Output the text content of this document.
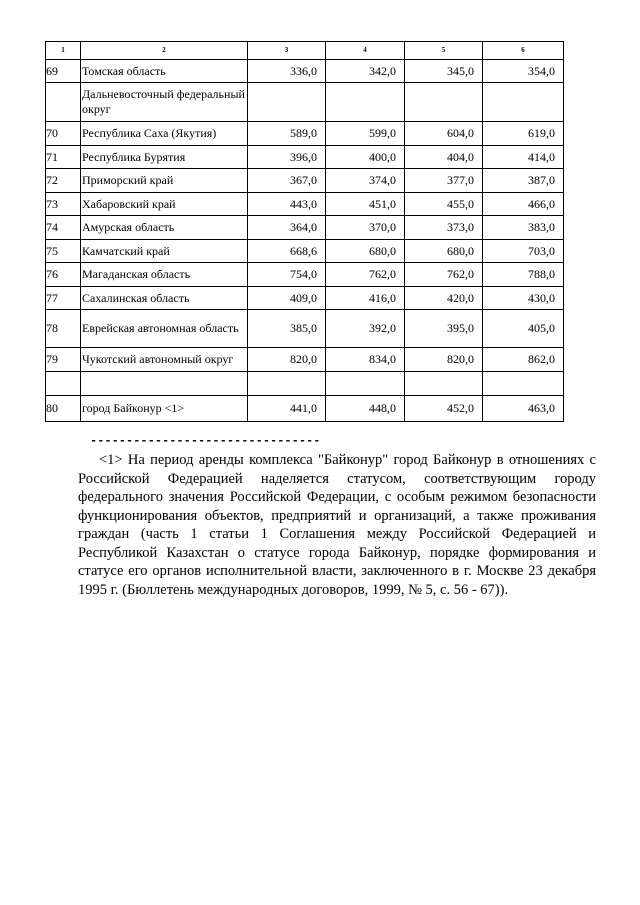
1	2	3	4	5	6
69	Томская область	336,0	342,0	345,0	354,0
	Дальневосточный федеральный округ				
70	Республика Саха (Якутия)	589,0	599,0	604,0	619,0
71	Республика Бурятия	396,0	400,0	404,0	414,0
72	Приморский край	367,0	374,0	377,0	387,0
73	Хабаровский край	443,0	451,0	455,0	466,0
74	Амурская область	364,0	370,0	373,0	383,0
75	Камчатский край	668,6	680,0	680,0	703,0
76	Магаданская область	754,0	762,0	762,0	788,0
77	Сахалинская область	409,0	416,0	420,0	430,0
78	Еврейская автономная область	385,0	392,0	395,0	405,0
79	Чукотский автономный округ	820,0	834,0	820,0	862,0

80	город Байконур <1>	441,0	448,0	452,0	463,0
--------------------------------

<1> На период аренды комплекса "Байконур" город Байконур в отношениях с Российской Федерацией наделяется статусом, соответствующим городу федерального значения Российской Федерации, с особым режимом безопасности функционирования объектов, предприятий и организаций, а также проживания граждан (часть 1 статьи 1 Соглашения между Российской Федерацией и Республикой Казахстан о статусе города Байконур, порядке формирования и статусе его органов исполнительной власти, заключенного в г. Москве 23 декабря 1995 г. (Бюллетень международных договоров, 1999, № 5, с. 56 - 67)).
